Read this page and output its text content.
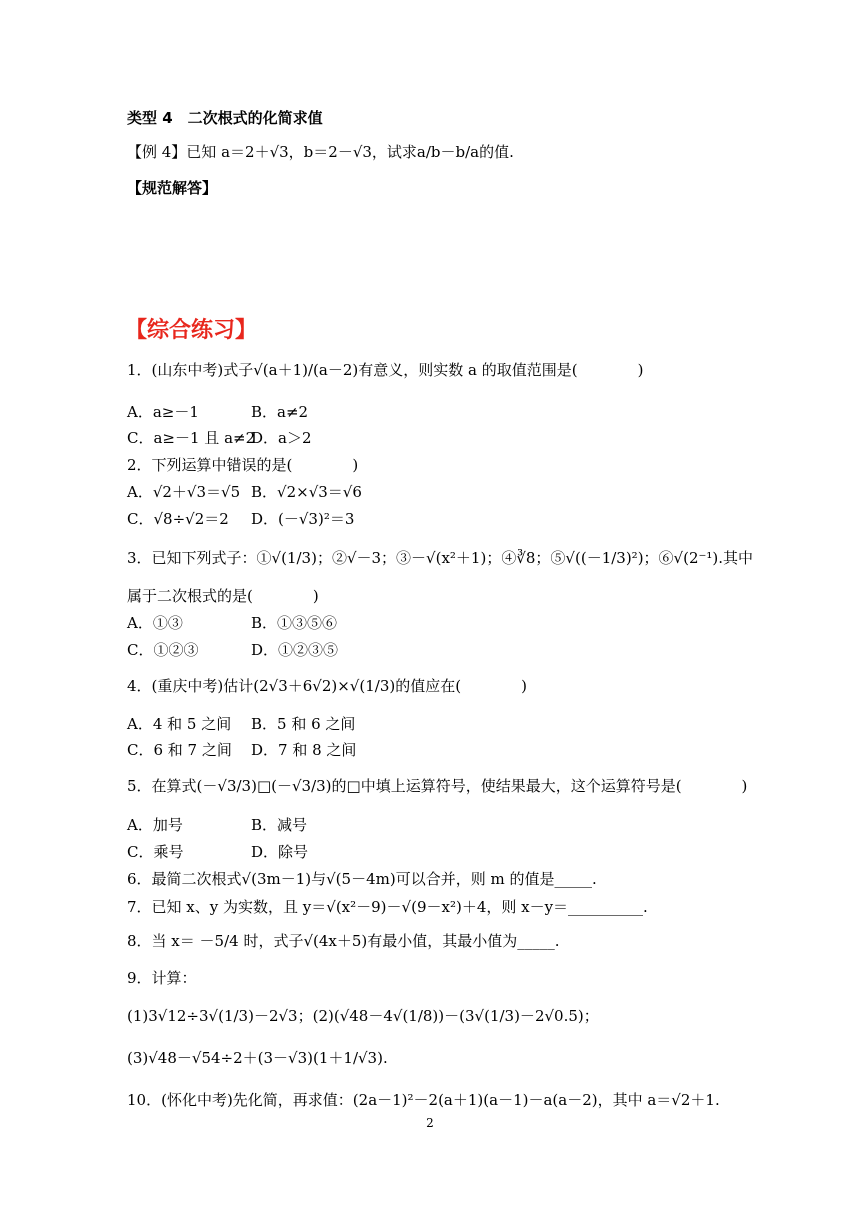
类型 4　二次根式的化简求值
【例 4】已知 a＝2＋√3，b＝2－√3，试求a/b－b/a的值.
【规范解答】
【综合练习】
1．(山东中考)式子√(a＋1)/(a－2)有意义，则实数 a 的取值范围是(　　　　)
A．a≥－1	B．a≠2
C．a≥－1 且 a≠2D．a＞2
2．下列运算中错误的是(　　　　)
A．√2＋√3＝√5 B．√2×√3＝√6
C．√8÷√2＝2 D．(－√3)²＝3
3．已知下列式子：①√(1/3)；②√－3；③－√(x²＋1)；④∛8；⑤√((－1/3)²)；⑥√(2⁻¹).其中
属于二次根式的是(　　　　)
A．①③	B．①③⑤⑥
C．①②③	D．①②③⑤
4．(重庆中考)估计(2√3＋6√2)×√(1/3)的值应在(　　　　)
A．4 和 5 之间 B．5 和 6 之间
C．6 和 7 之间 D．7 和 8 之间
5．在算式(－√3/3)□(－√3/3)的□中填上运算符号，使结果最大，这个运算符号是(　　　　)
A．加号	B．减号
C．乘号	D．除号
6．最简二次根式√(3m－1)与√(5－4m)可以合并，则 m 的值是_____.
7．已知 x、y 为实数，且 y＝√(x²－9)－√(9－x²)＋4，则 x－y＝__________.
8．当 x＝ －5/4 时，式子√(4x＋5)有最小值，其最小值为_____.
9．计算：
(1)3√12÷3√(1/3)－2√3；(2)(√48－4√(1/8))－(3√(1/3)－2√0.5)；
(3)√48－√54÷2＋(3－√3)(1＋1/√3).
10．(怀化中考)先化简，再求值：(2a－1)²－2(a＋1)(a－1)－a(a－2)，其中 a＝√2＋1.
2
